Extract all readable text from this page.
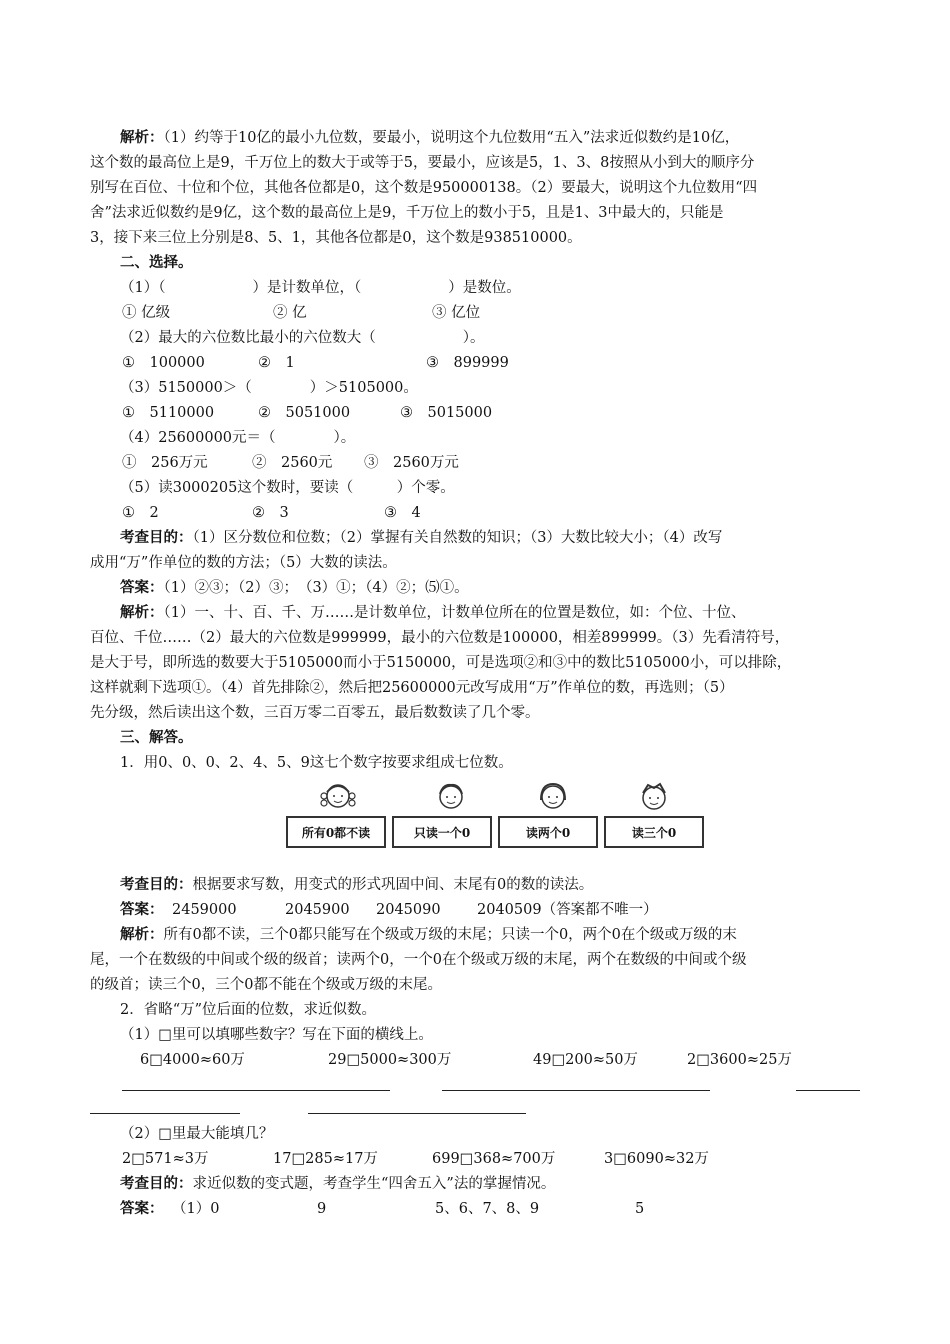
解析：（1）约等于10亿的最小九位数，要最小，说明这个九位数用“五入”法求近似数约是10亿，
这个数的最高位上是9，千万位上的数大于或等于5，要最小，应该是5，1、3、8按照从小到大的顺序分
别写在百位、十位和个位，其他各位都是0，这个数是950000138。（2）要最大，说明这个九位数用“四
舍”法求近似数约是9亿，这个数的最高位上是9，千万位上的数小于5，且是1、3中最大的，只能是
3，接下来三位上分别是8、5、1，其他各位都是0，这个数是938510000。
二、选择。
（1）（　　　　　　）是计数单位，（　　　　　　）是数位。
① 亿级	② 亿	③ 亿位
（2）最大的六位数比最小的六位数大（　　　　　　）。
①　100000	②　1	③　899999
（3）5150000＞（　　　　）＞5105000。
①　5110000	②　5051000	③　5015000
（4）25600000元＝（　　　　）。
①　256万元	②　2560元 ③　2560万元
（5）读3000205这个数时，要读（　　　）个零。
①　2	②　3	③　4
考查目的：（1）区分数位和位数；（2）掌握有关自然数的知识；（3）大数比较大小；（4）改写
成用“万”作单位的数的方法；（5）大数的读法。
答案：（1）②③；（2）③；　（3）①；（4）②；⑸①。
解析：（1）一、十、百、千、万……是计数单位，计数单位所在的位置是数位，如：个位、十位、
百位、千位……（2）最大的六位数是999999，最小的六位数是100000，相差899999。（3）先看清符号，
是大于号，即所选的数要大于5105000而小于5150000，可是选项②和③中的数比5105000小，可以排除，
这样就剩下选项①。（4）首先排除②，然后把25600000元改写成用“万”作单位的数，再选则；（5）
先分级，然后读出这个数，三百万零二百零五，最后数数读了几个零。
三、解答。
1．用0、0、0、2、4、5、9这七个数字按要求组成七位数。
所有0都不读	只读一个0	读两个0	读三个0
考查目的：根据要求写数，用变式的形式巩固中间、末尾有0的数的读法。
答案： 2459000	2045900 2045090	2040509（答案都不唯一）
解析：所有0都不读，三个0都只能写在个级或万级的末尾；只读一个0，两个0在个级或万级的末
尾，一个在数级的中间或个级的级首；读两个0，一个0在个级或万级的末尾，两个在数级的中间或个级
的级首；读三个0，三个0都不能在个级或万级的末尾。
2．省略“万”位后面的位数，求近似数。
（1）□里可以填哪些数字？写在下面的横线上。
6□4000≈60万	29□5000≈300万	49□200≈50万	2□3600≈25万
（2）□里最大能填几？
2□571≈3万	17□285≈17万	699□368≈700万	3□6090≈32万
考查目的：求近似数的变式题，考查学生“四舍五入”法的掌握情况。
答案： （1）0	9	5、6、7、8、9	5
